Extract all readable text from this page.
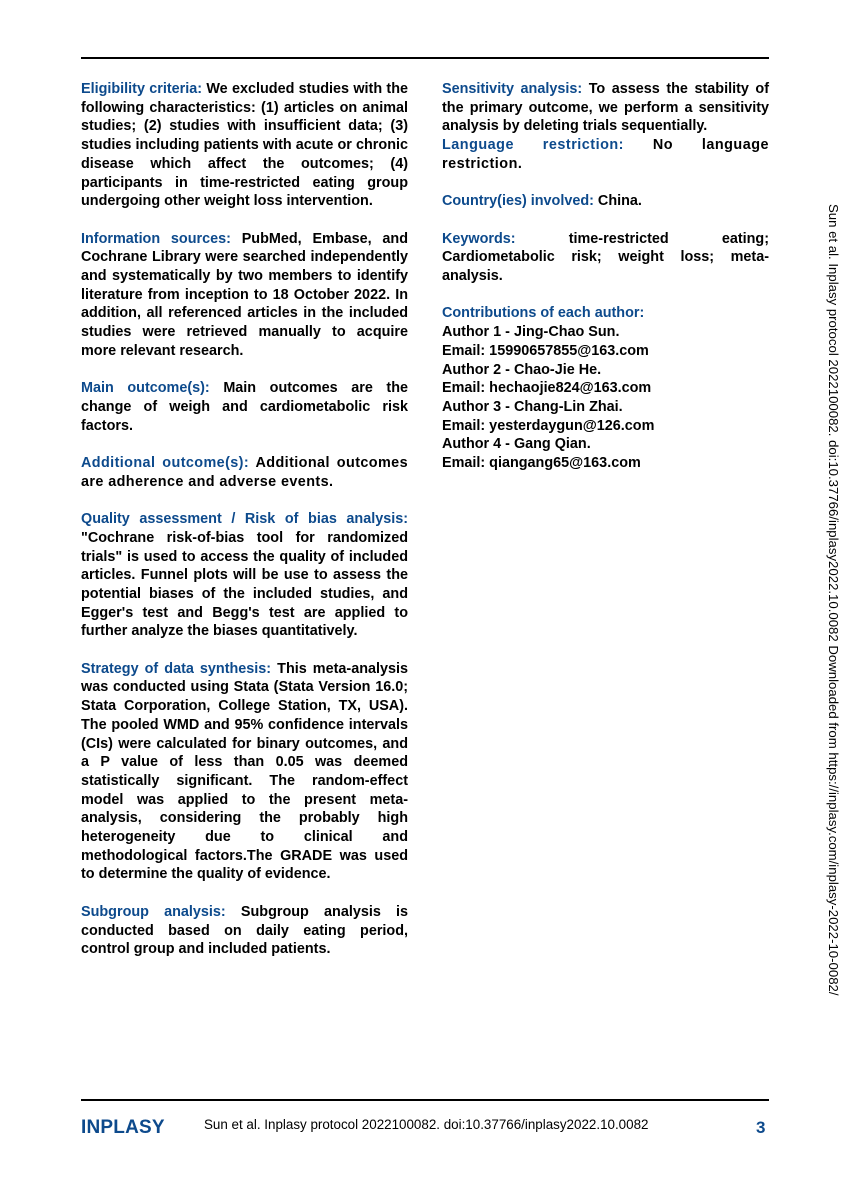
Eligibility criteria: We excluded studies with the following characteristics: (1) articles on animal studies; (2) studies with insufficient data; (3) studies including patients with acute or chronic disease which affect the outcomes; (4) participants in time-restricted eating group undergoing other weight loss intervention.

Information sources: PubMed, Embase, and Cochrane Library were searched independently and systematically by two members to identify literature from inception to 18 October 2022. In addition, all referenced articles in the included studies were retrieved manually to acquire more relevant research.

Main outcome(s): Main outcomes are the change of weigh and cardiometabolic risk factors.

Additional outcome(s): Additional outcomes are adherence and adverse events.

Quality assessment / Risk of bias analysis: "Cochrane risk-of-bias tool for randomized trials" is used to access the quality of included articles. Funnel plots will be use to assess the potential biases of the included studies, and Egger's test and Begg's test are applied to further analyze the biases quantitatively.

Strategy of data synthesis: This meta-analysis was conducted using Stata (Stata Version 16.0; Stata Corporation, College Station, TX, USA). The pooled WMD and 95% confidence intervals (CIs) were calculated for binary outcomes, and a P value of less than 0.05 was deemed statistically significant. The random-effect model was applied to the present meta-analysis, considering the probably high heterogeneity due to clinical and methodological factors.The GRADE was used to determine the quality of evidence.

Subgroup analysis: Subgroup analysis is conducted based on daily eating period, control group and included patients.

Sensitivity analysis: To assess the stability of the primary outcome, we perform a sensitivity analysis by deleting trials sequentially.

Language restriction: No language restriction.

Country(ies) involved: China.

Keywords:	time-restricted eating; Cardiometabolic risk; weight loss; meta-analysis.

Contributions of each author:
Author 1 - Jing-Chao Sun.
Email: 15990657855@163.com
Author 2 - Chao-Jie He.
Email: hechaojie824@163.com
Author 3 - Chang-Lin Zhai.
Email: yesterdaygun@126.com
Author 4 - Gang Qian.
Email: qiangang65@163.com	Sun et al. Inplasy protocol 2022100082. doi:10.37766/inplasy2022.10.0082 Downloaded from https://inplasy.com/inplasy-2022-10-0082/
INPLASY	Sun et al. Inplasy protocol 2022100082. doi:10.37766/inplasy2022.10.0082	3
